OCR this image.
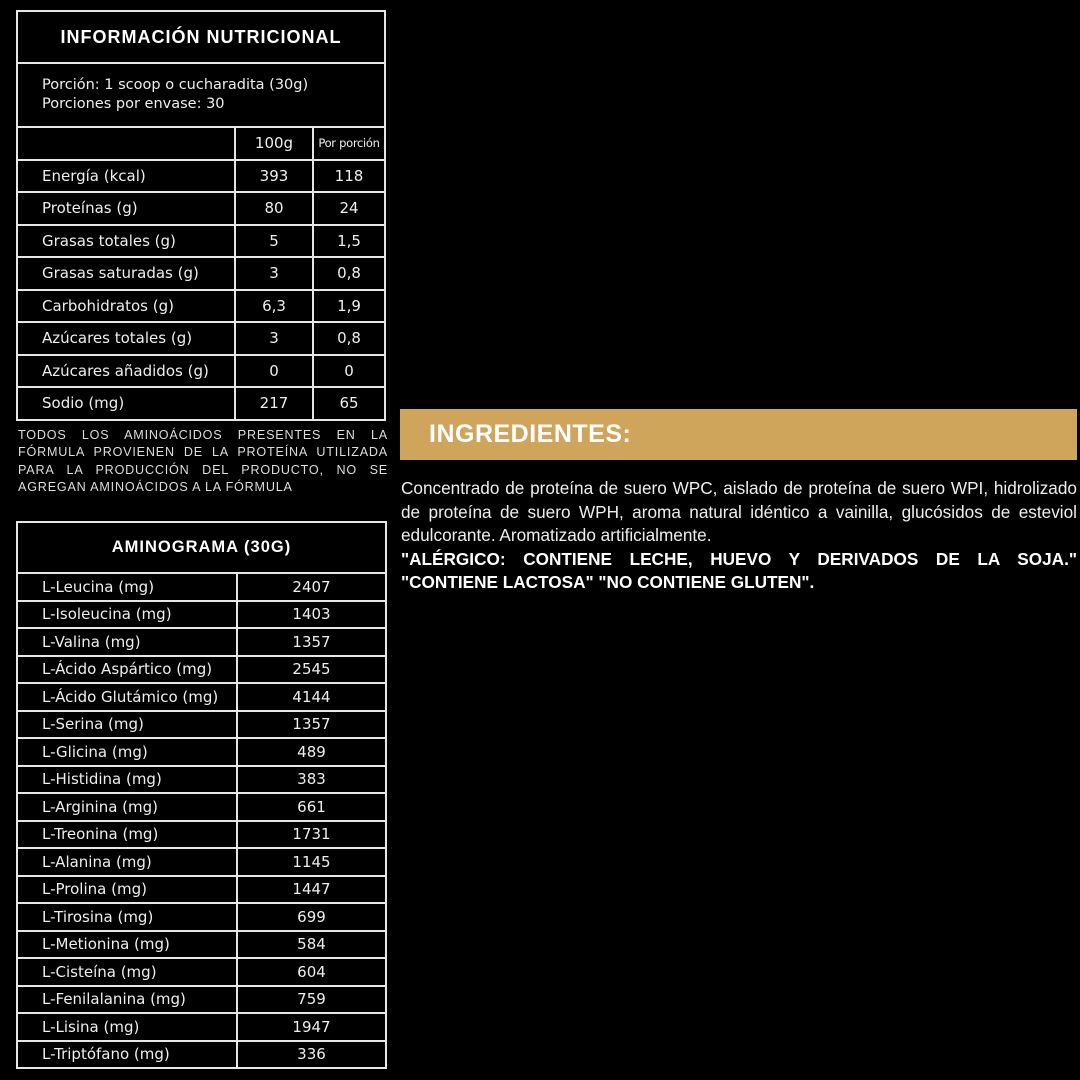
INFORMACIÓN NUTRICIONAL
Porción: 1 scoop o cucharadita (30g)
Porciones por envase: 30
	100g	Por porción
Energía (kcal)	393	118
Proteínas (g)	80	24
Grasas totales (g)	5	1,5
Grasas saturadas (g)	3	0,8
Carbohidratos (g)	6,3	1,9
Azúcares totales (g)	3	0,8
Azúcares añadidos (g)	0	0
Sodio (mg)	217	65
TODOS LOS AMINOÁCIDOS PRESENTES EN LA FÓRMULA PROVIENEN DE LA PROTEÍNA UTILIZADA PARA LA PRODUCCIÓN DEL PRODUCTO, NO SE AGREGAN AMINOÁCIDOS A LA FÓRMULA
AMINOGRAMA (30G)
L-Leucina (mg)	2407
L-Isoleucina (mg)	1403
L-Valina (mg)	1357
L-Ácido Aspártico (mg)	2545
L-Ácido Glutámico (mg)	4144
L-Serina (mg)	1357
L-Glicina (mg)	489
L-Histidina (mg)	383
L-Arginina (mg)	661
L-Treonina (mg)	1731
L-Alanina (mg)	1145
L-Prolina (mg)	1447
L-Tirosina (mg)	699
L-Metionina (mg)	584
L-Cisteína (mg)	604
L-Fenilalanina (mg)	759
L-Lisina (mg)	1947
L-Triptófano (mg)	336
INGREDIENTES:

Concentrado de proteína de suero WPC, aislado de proteína de suero WPI, hidrolizado de proteína de suero WPH, aroma natural idéntico a vainilla, glucósidos de esteviol edulcorante. Aromatizado artificialmente.

"ALÉRGICO: CONTIENE LECHE, HUEVO Y DERIVADOS DE LA SOJA."

"CONTIENE LACTOSA" "NO CONTIENE GLUTEN".
